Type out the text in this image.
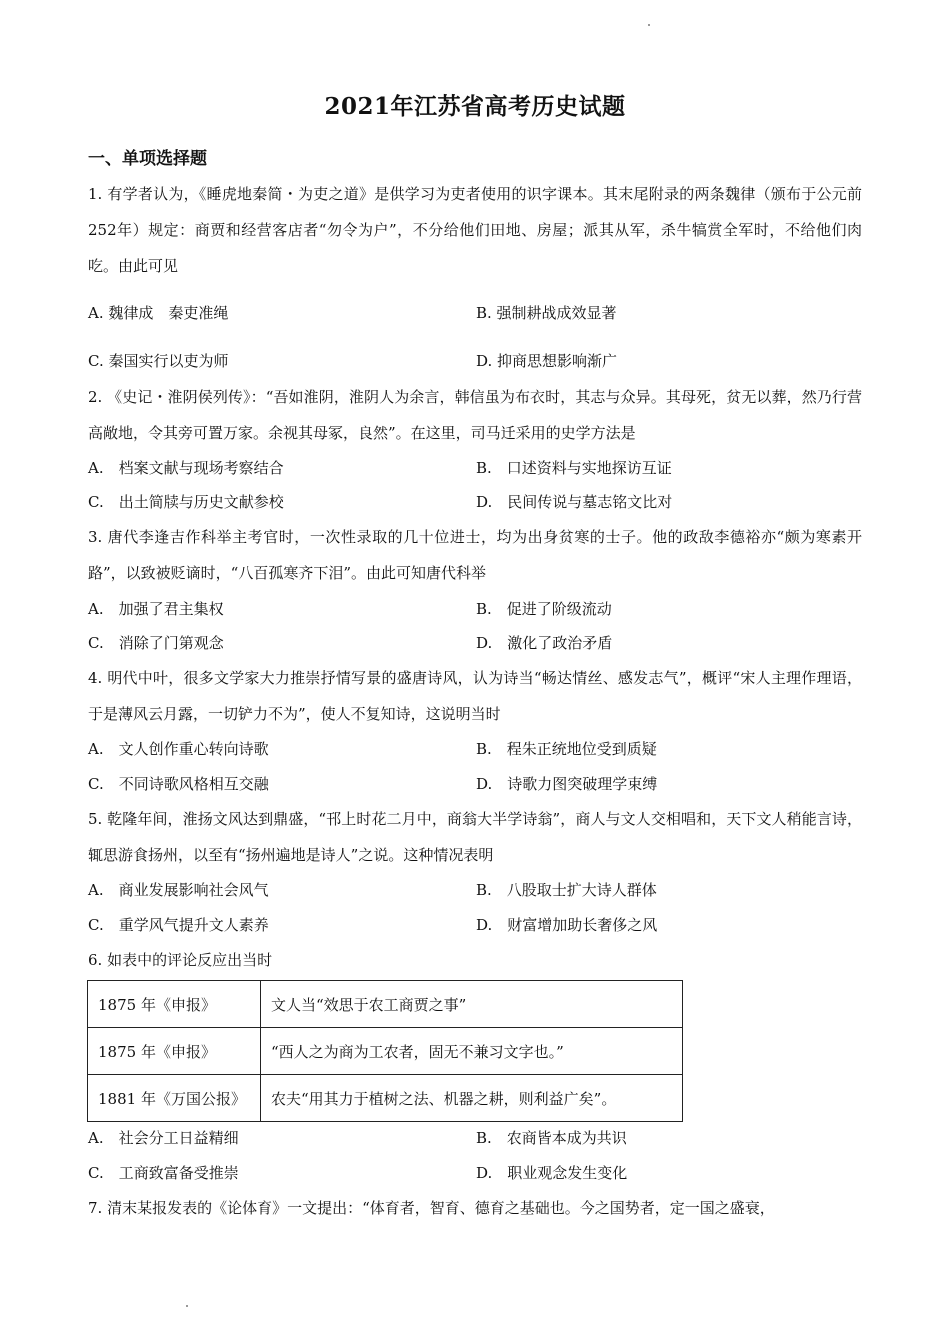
2021年江苏省高考历史试题
一、单项选择题
1. 有学者认为，《睡虎地秦简・为吏之道》是供学习为吏者使用的识字课本。其末尾附录的两条魏律（颁布于公元前252年）规定：商贾和经营客店者“勿令为户”，不分给他们田地、房屋；派其从军，杀牛犒赏全军时，不给他们肉吃。由此可见
A. 魏律成　秦吏准绳	B. 强制耕战成效显著
C. 秦国实行以吏为师	D. 抑商思想影响渐广
2. 《史记・淮阴侯列传》：“吾如淮阴，淮阴人为余言，韩信虽为布衣时，其志与众异。其母死，贫无以葬，然乃行营高敞地，令其旁可置万家。余视其母冢，良然”。在这里，司马迁采用的史学方法是
A.　档案文献与现场考察结合	B.　口述资料与实地探访互证
C.　出土简牍与历史文献参校	D.　民间传说与墓志铭文比对
3. 唐代李逢吉作科举主考官时，一次性录取的几十位进士，均为出身贫寒的士子。他的政敌李德裕亦“颇为寒素开路”，以致被贬谪时，“八百孤寒齐下泪”。由此可知唐代科举
A.　加强了君主集权	B.　促进了阶级流动
C.　消除了门第观念	D.　激化了政治矛盾
4. 明代中叶，很多文学家大力推崇抒情写景的盛唐诗风，认为诗当“畅达情丝、感发志气”，概评“宋人主理作理语，于是薄风云月露，一切铲力不为”，使人不复知诗，这说明当时
A.　文人创作重心转向诗歌	B.　程朱正统地位受到质疑
C.　不同诗歌风格相互交融	D.　诗歌力图突破理学束缚
5. 乾隆年间，淮扬文风达到鼎盛，“邗上时花二月中，商翁大半学诗翁”，商人与文人交相唱和，天下文人稍能言诗，辄思游食扬州，以至有“扬州遍地是诗人”之说。这种情况表明
A.　商业发展影响社会风气	B.　八股取士扩大诗人群体
C.　重学风气提升文人素养	D.　财富增加助长奢侈之风
6. 如表中的评论反应出当时
1875 年《申报》	文人当“效思于农工商贾之事”
1875 年《申报》	“西人之为商为工农者，固无不兼习文字也。”
1881 年《万国公报》	农夫“用其力于植树之法、机器之耕，则利益广矣”。
A.　社会分工日益精细	B.　农商皆本成为共识
C.　工商致富备受推崇	D.　职业观念发生变化
7. 清末某报发表的《论体育》一文提出：“体育者，智育、德育之基础也。今之国势者，定一国之盛衰，
